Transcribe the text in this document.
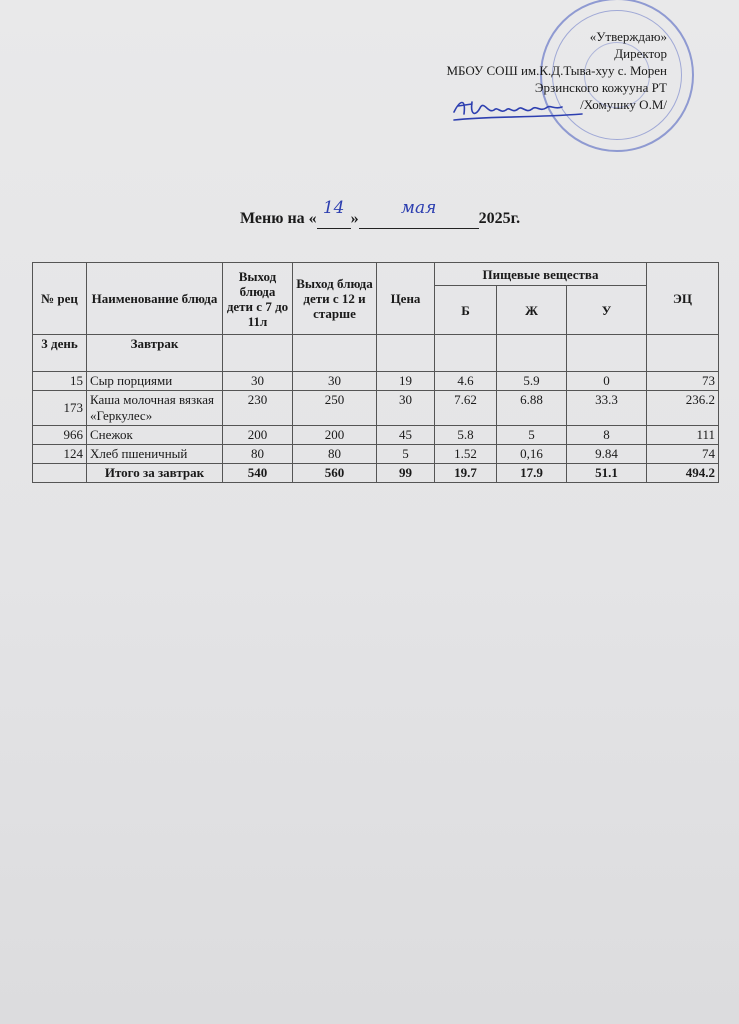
«Утверждаю»
Директор
МБОУ СОШ им.К.Д.Тыва-хуу с. Морен
Эрзинского кожууна РТ
/Хомушку О.М/
Меню на «
14
»
мая
2025г.
№ рец	Наименование блюда	Выход блюда дети с 7 до 11л	Выход блюда дети с 12 и старше	Цена	Пищевые вещества			ЭЦ
					Б	Ж	У	
3 день	Завтрак							
15	Сыр порциями	30	30	19	4.6	5.9	0	73
173	Каша молочная вязкая «Геркулес»	230	250	30	7.62	6.88	33.3	236.2
966	Снежок	200	200	45	5.8	5	8	111
124	Хлеб пшеничный	80	80	5	1.52	0,16	9.84	74
	Итого за завтрак	540	560	99	19.7	17.9	51.1	494.2
